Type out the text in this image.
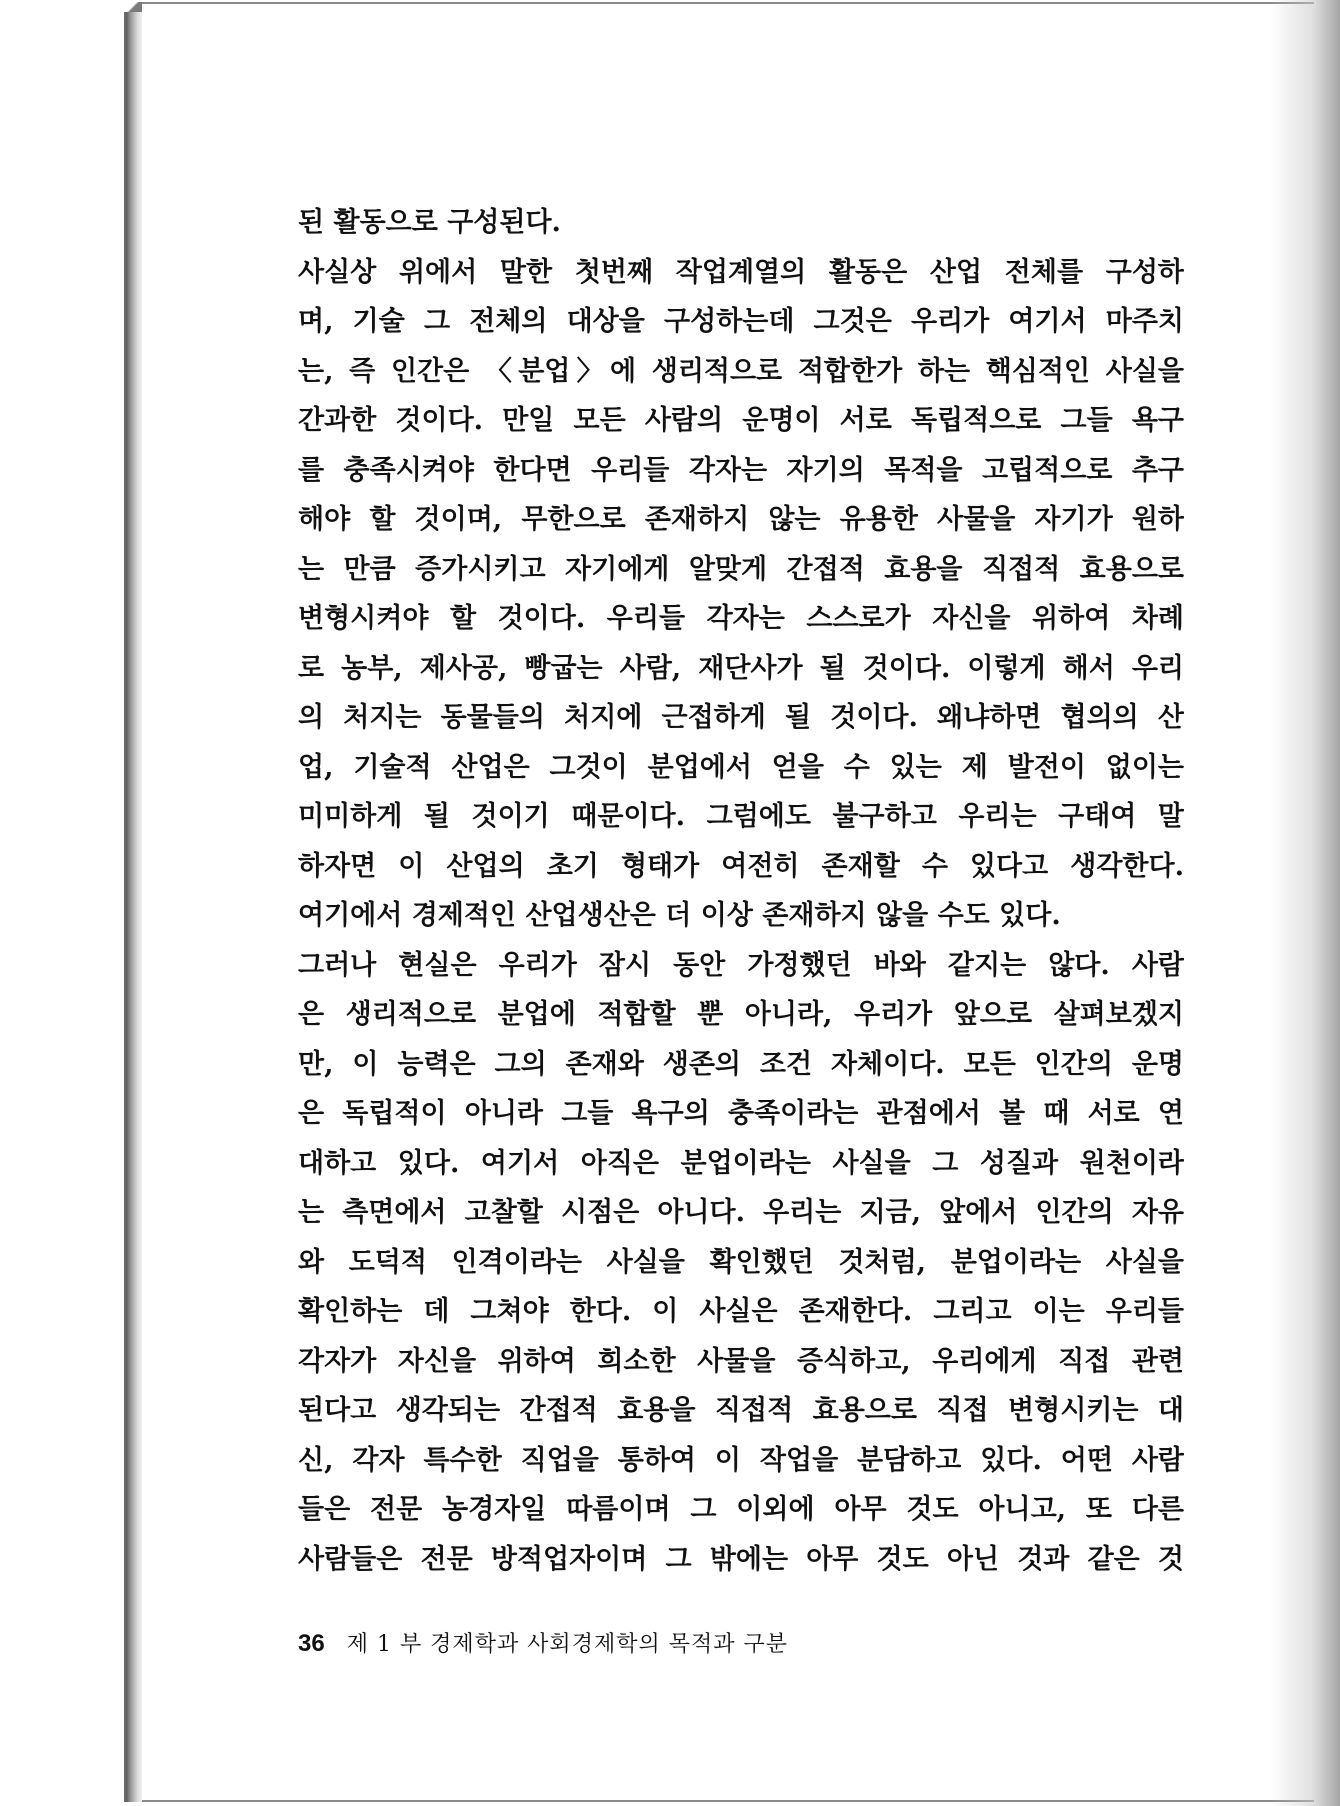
된 활동으로 구성된다.
사실상 위에서 말한 첫번째 작업계열의 활동은 산업 전체를 구성하
며, 기술 그 전체의 대상을 구성하는데 그것은 우리가 여기서 마주치
는, 즉 인간은 〈분업〉에 생리적으로 적합한가 하는 핵심적인 사실을
간과한 것이다. 만일 모든 사람의 운명이 서로 독립적으로 그들 욕구
를 충족시켜야 한다면 우리들 각자는 자기의 목적을 고립적으로 추구
해야 할 것이며, 무한으로 존재하지 않는 유용한 사물을 자기가 원하
는 만큼 증가시키고 자기에게 알맞게 간접적 효용을 직접적 효용으로
변형시켜야 할 것이다. 우리들 각자는 스스로가 자신을 위하여 차례
로 농부, 제사공, 빵굽는 사람, 재단사가 될 것이다. 이렇게 해서 우리
의 처지는 동물들의 처지에 근접하게 될 것이다. 왜냐하면 협의의 산
업, 기술적 산업은 그것이 분업에서 얻을 수 있는 제 발전이 없이는
미미하게 될 것이기 때문이다. 그럼에도 불구하고 우리는 구태여 말
하자면 이 산업의 초기 형태가 여전히 존재할 수 있다고 생각한다.
여기에서 경제적인 산업생산은 더 이상 존재하지 않을 수도 있다.
그러나 현실은 우리가 잠시 동안 가정했던 바와 같지는 않다. 사람
은 생리적으로 분업에 적합할 뿐 아니라, 우리가 앞으로 살펴보겠지
만, 이 능력은 그의 존재와 생존의 조건 자체이다. 모든 인간의 운명
은 독립적이 아니라 그들 욕구의 충족이라는 관점에서 볼 때 서로 연
대하고 있다. 여기서 아직은 분업이라는 사실을 그 성질과 원천이라
는 측면에서 고찰할 시점은 아니다. 우리는 지금, 앞에서 인간의 자유
와 도덕적 인격이라는 사실을 확인했던 것처럼, 분업이라는 사실을
확인하는 데 그쳐야 한다. 이 사실은 존재한다. 그리고 이는 우리들
각자가 자신을 위하여 희소한 사물을 증식하고, 우리에게 직접 관련
된다고 생각되는 간접적 효용을 직접적 효용으로 직접 변형시키는 대
신, 각자 특수한 직업을 통하여 이 작업을 분담하고 있다. 어떤 사람
들은 전문 농경자일 따름이며 그 이외에 아무 것도 아니고, 또 다른
사람들은 전문 방적업자이며 그 밖에는 아무 것도 아닌 것과 같은 것
36 제 1 부 경제학과 사회경제학의 목적과 구분
